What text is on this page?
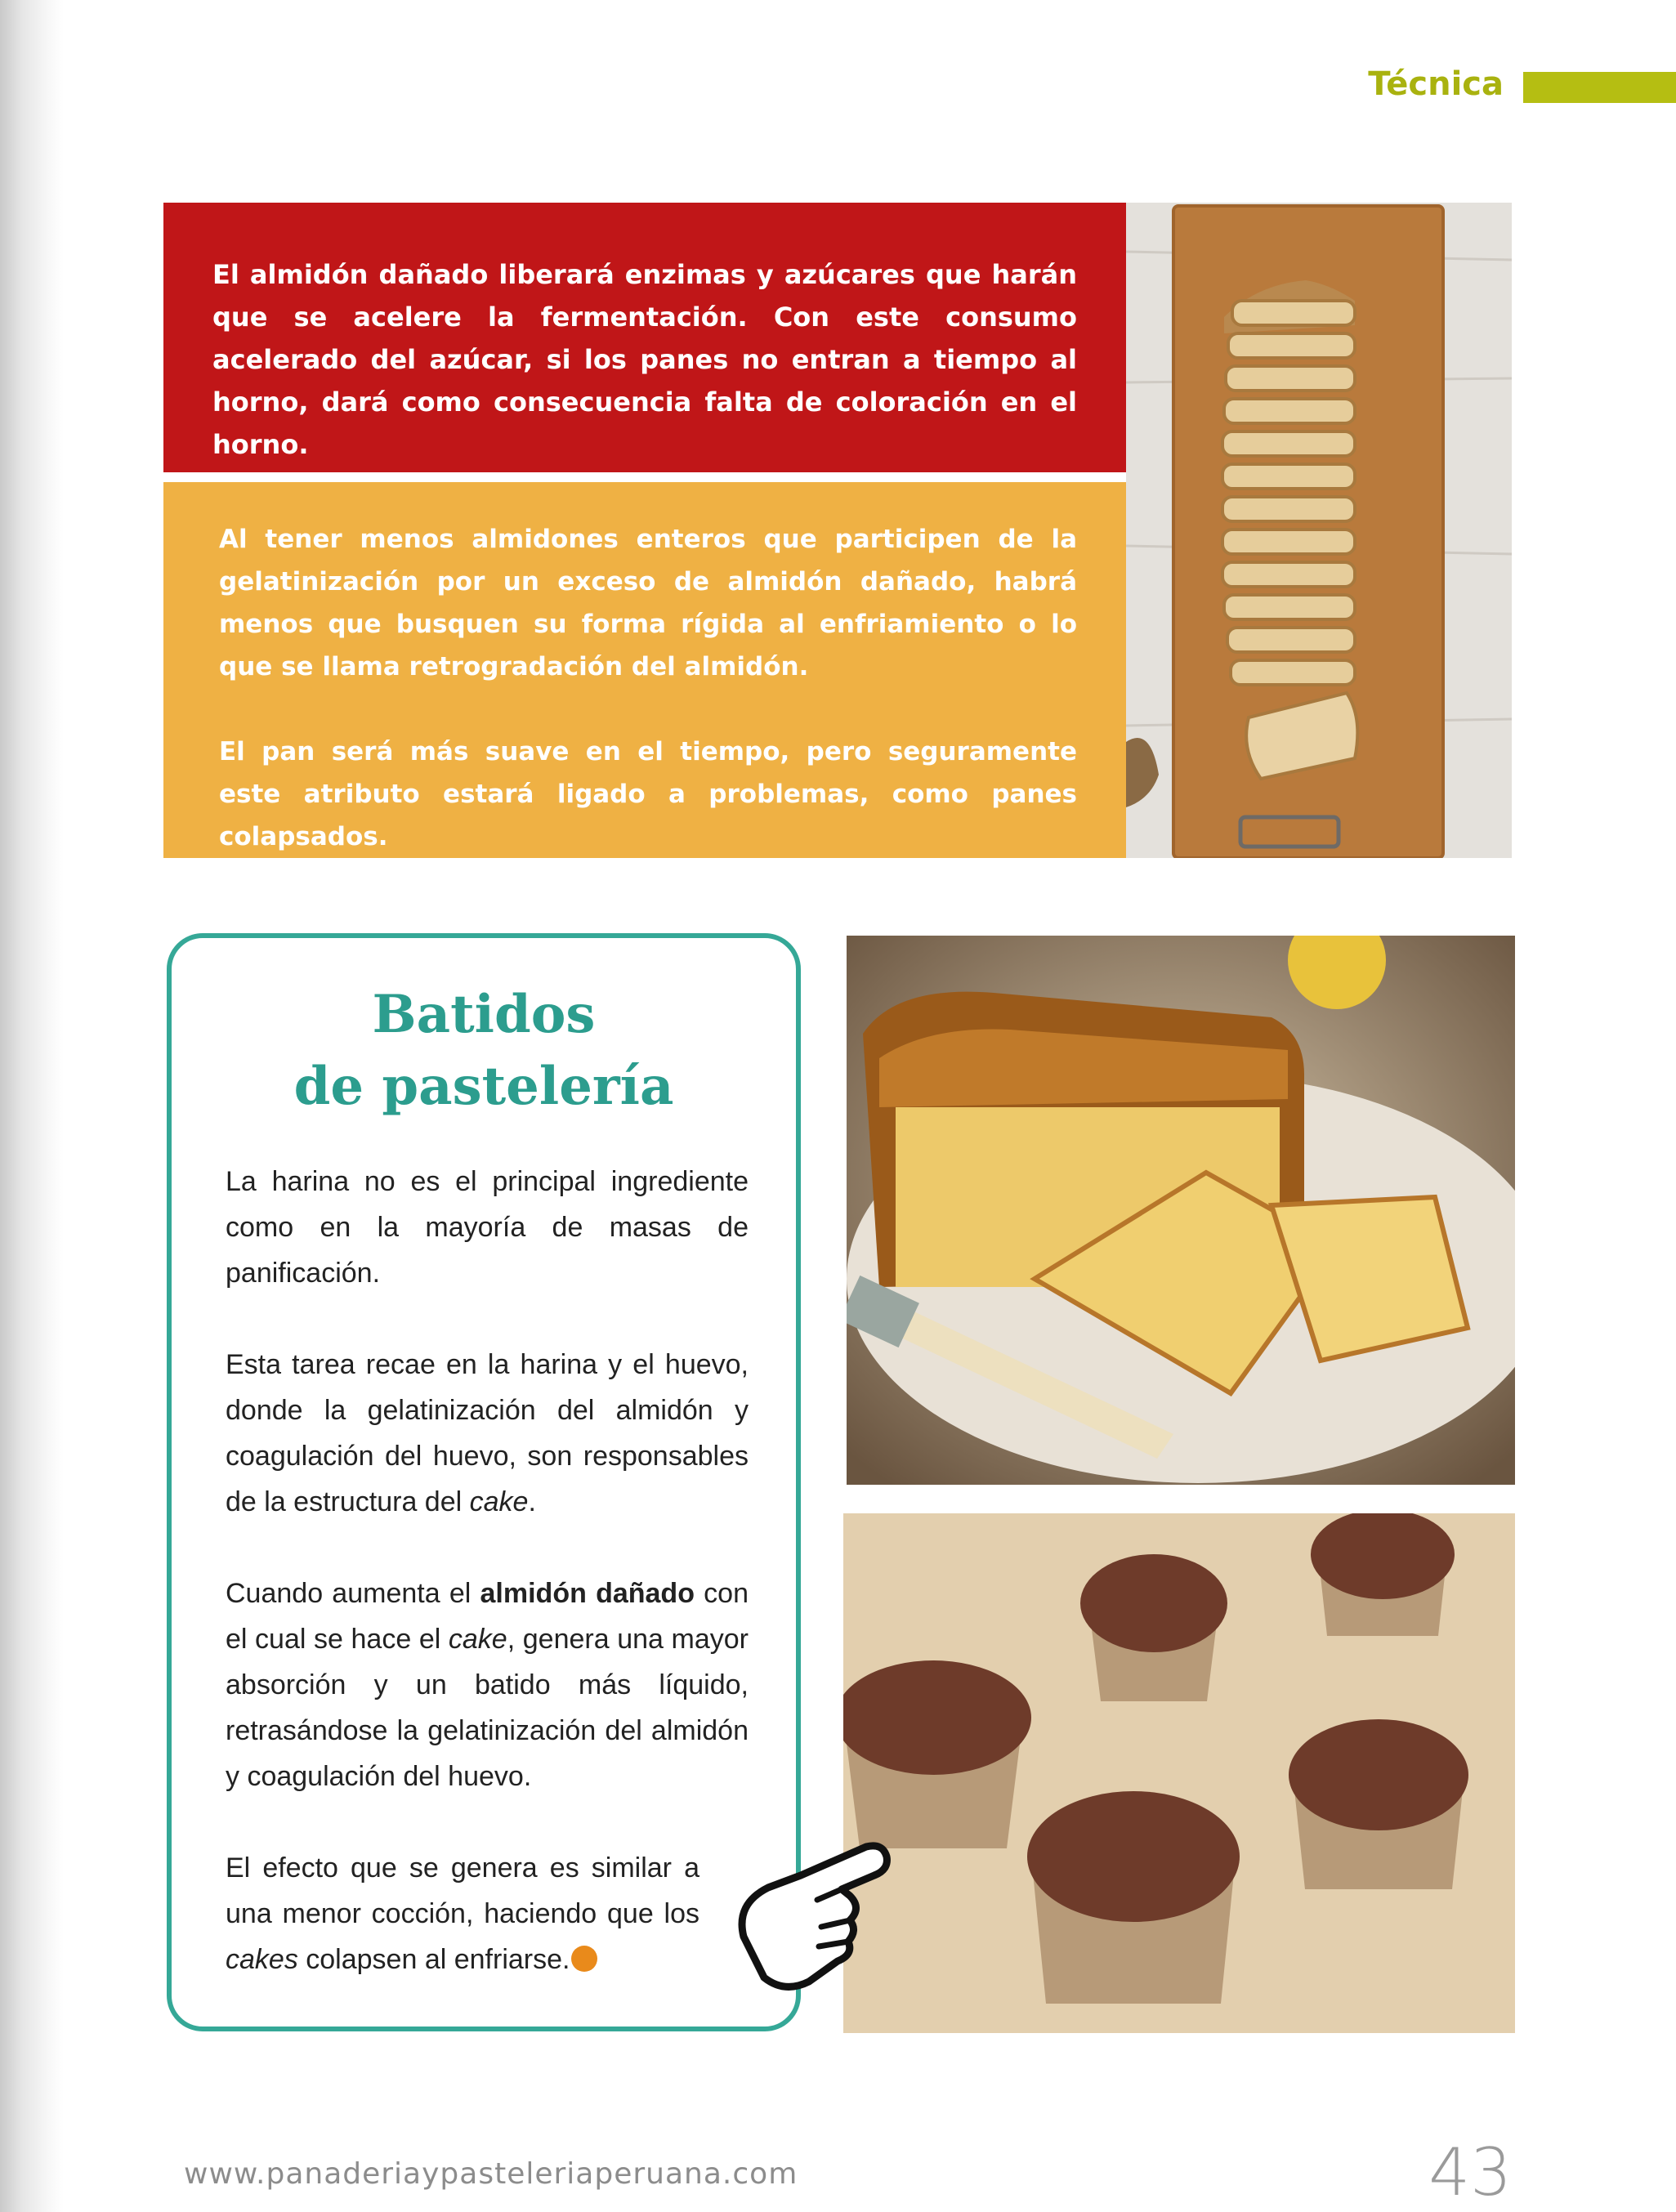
Técnica
El almidón dañado liberará enzimas y azúcares que harán que se acelere la fermentación. Con este consumo acelerado del azúcar, si los panes no entran a tiempo al horno, dará como consecuencia falta de coloración en el horno.

Al tener menos almidones enteros que participen de la gelatinización por un exceso de almidón dañado, habrá menos que busquen su forma rígida al enfriamiento o lo que se llama retrogradación del almidón.

El pan será más suave en el tiempo, pero seguramente este atributo estará ligado a problemas, como panes colapsados.

Batidos
de pastelería

La harina no es el principal ingrediente como en la mayoría de masas de panificación.

Esta tarea recae en la harina y el huevo, donde la gelatinización del almidón y coagulación del huevo, son responsables de la estructura del cake.

Cuando aumenta el almidón dañado con el cual se hace el cake, genera una mayor absorción y un batido más líquido, retrasándose la gelatinización del almidón y coagulación del huevo.

El efecto que se genera es similar a una menor cocción, haciendo que los cakes colapsen al enfriarse.

www.panaderiaypasteleriaperuana.com	43
